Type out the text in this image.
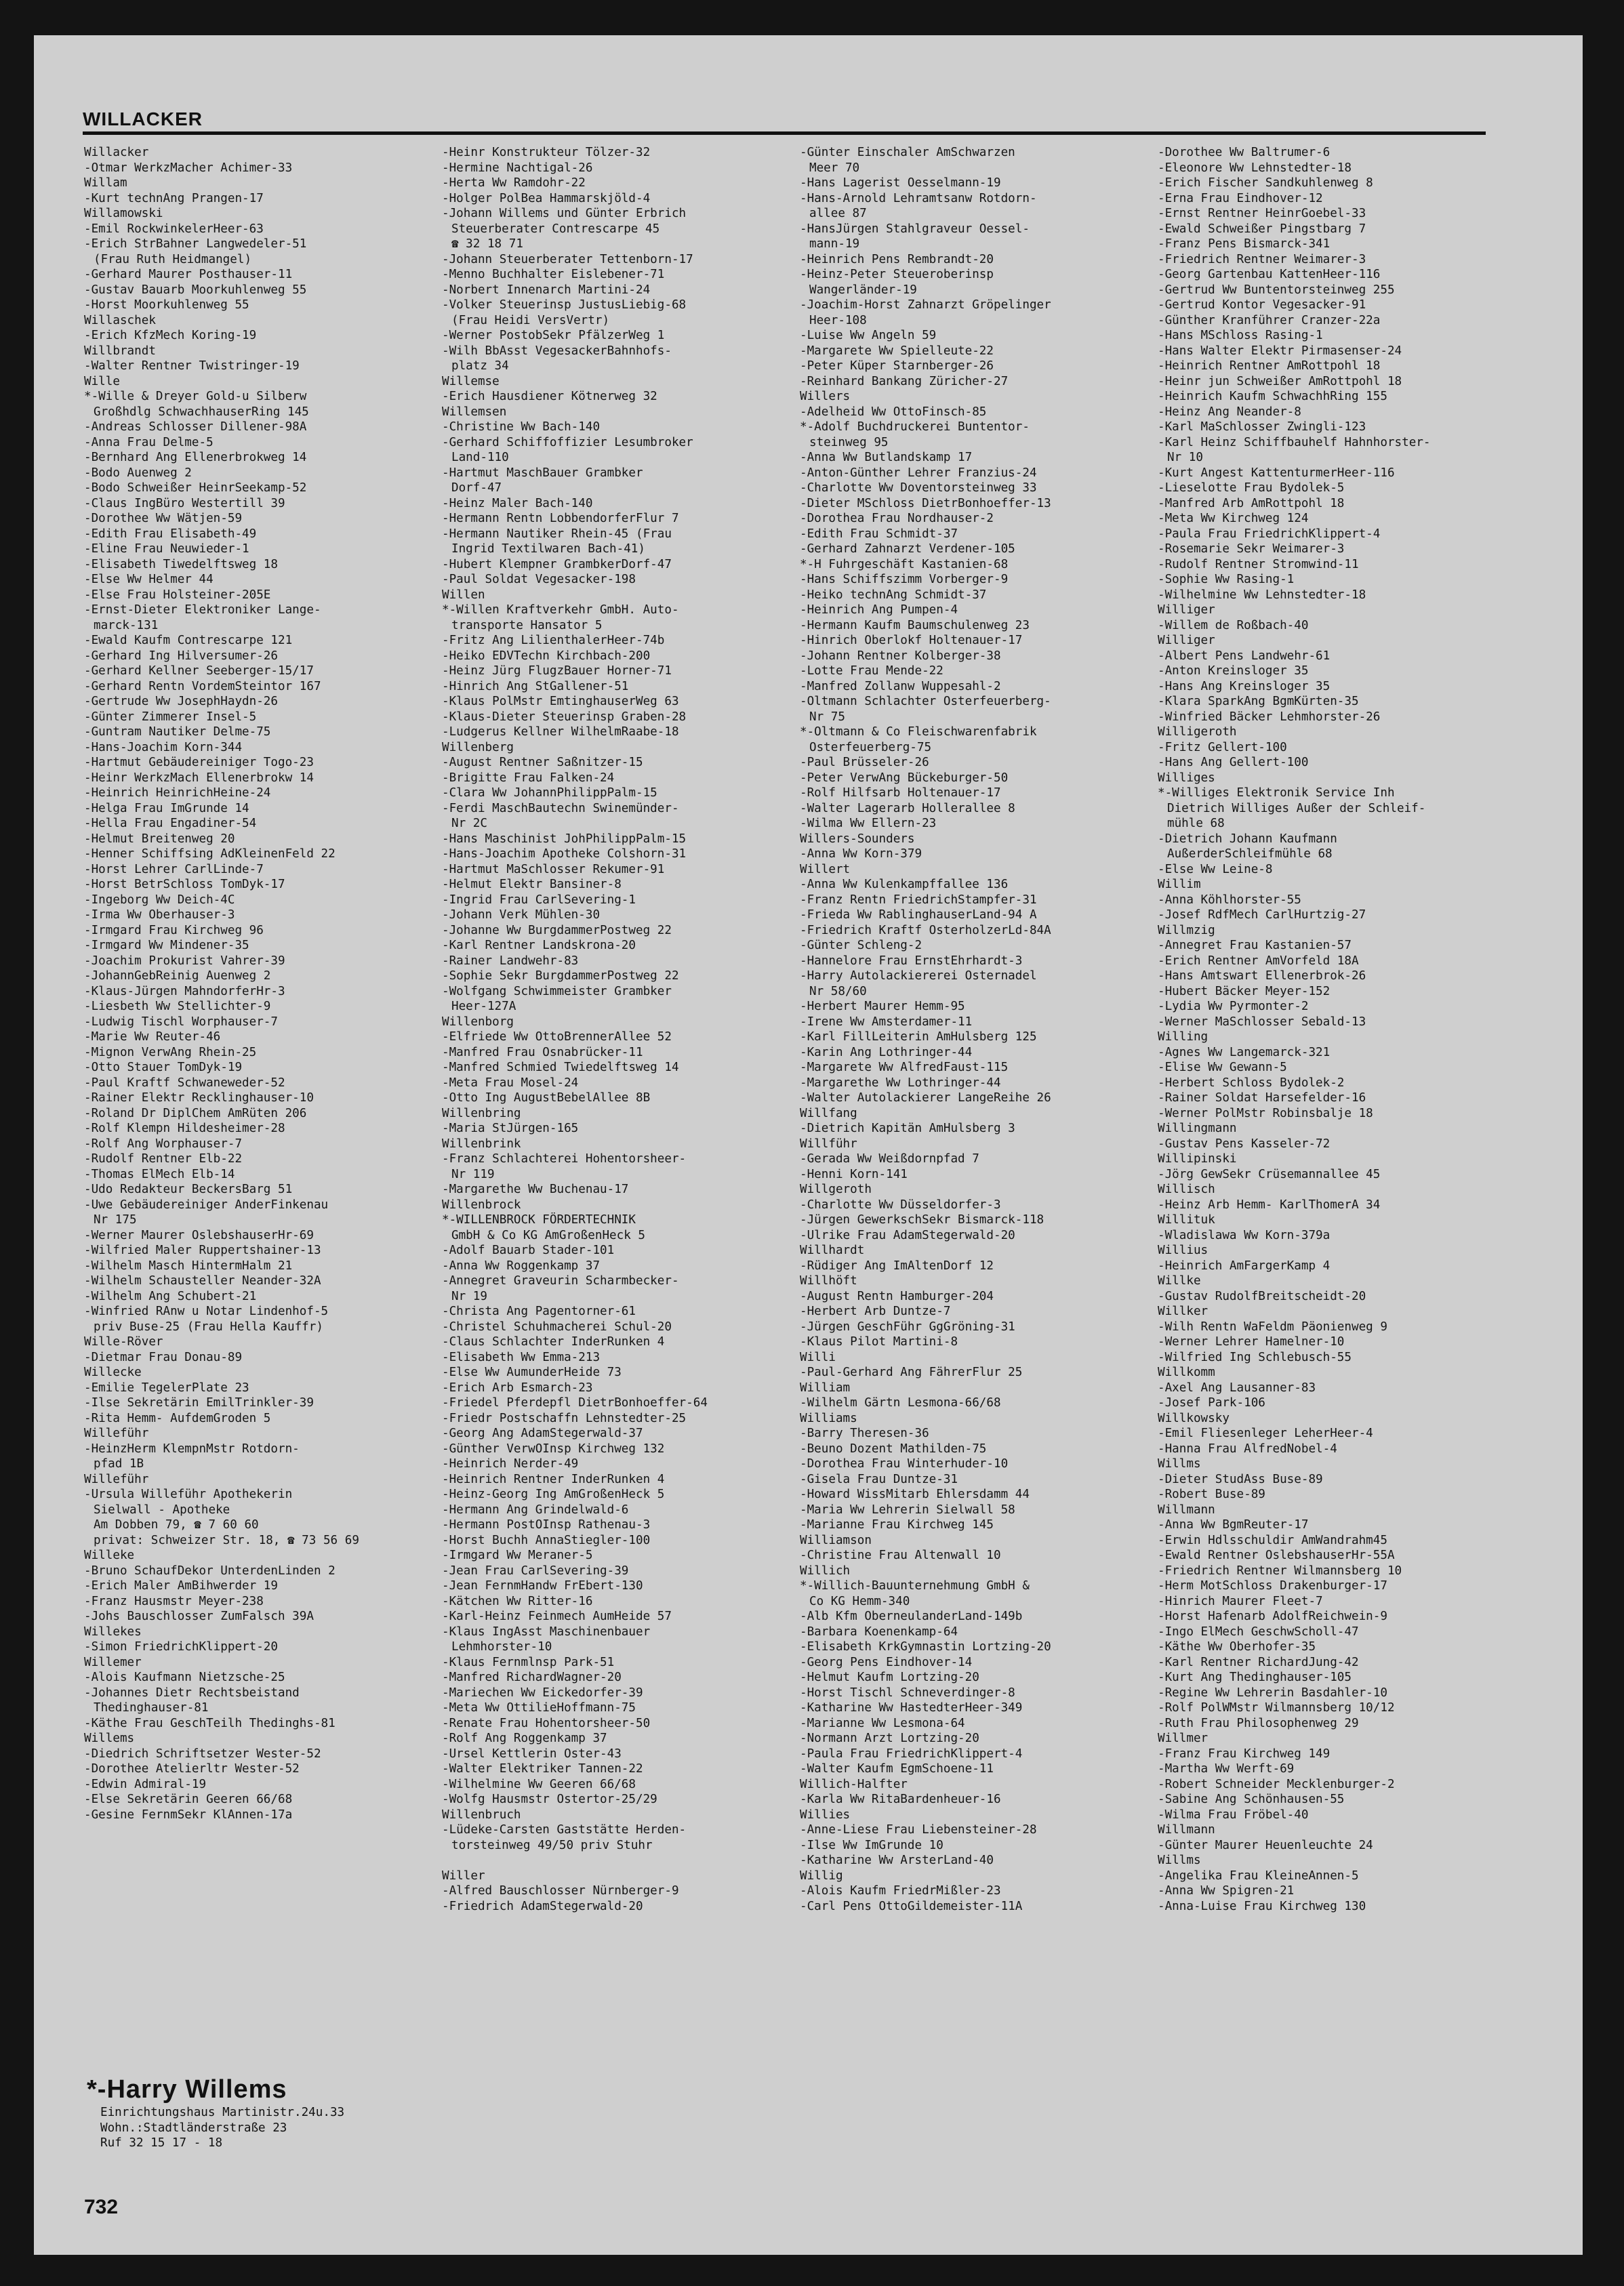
WILLACKER
Willacker
-Otmar WerkzMacher Achimer-33
Willam
-Kurt technAng Prangen-17
Willamowski
-Emil RockwinkelerHeer-63
-Erich StrBahner Langwedeler-51
(Frau Ruth Heidmangel)
-Gerhard Maurer Posthauser-11
-Gustav Bauarb Moorkuhlenweg 55
-Horst Moorkuhlenweg 55
Willaschek
-Erich KfzMech Koring-19
Willbrandt
-Walter Rentner Twistringer-19
Wille
*-Wille & Dreyer Gold-u Silberw
Großhdlg SchwachhauserRing 145
-Andreas Schlosser Dillener-98A
-Anna Frau Delme-5
-Bernhard Ang Ellenerbrokweg 14
-Bodo Auenweg 2
-Bodo Schweißer HeinrSeekamp-52
-Claus IngBüro Westertill 39
-Dorothee Ww Wätjen-59
-Edith Frau Elisabeth-49
-Eline Frau Neuwieder-1
-Elisabeth Tiwedelftsweg 18
-Else Ww Helmer 44
-Else Frau Holsteiner-205E
-Ernst-Dieter Elektroniker Lange-
marck-131
-Ewald Kaufm Contrescarpe 121
-Gerhard Ing Hilversumer-26
-Gerhard Kellner Seeberger-15/17
-Gerhard Rentn VordemSteintor 167
-Gertrude Ww JosephHaydn-26
-Günter Zimmerer Insel-5
-Guntram Nautiker Delme-75
-Hans-Joachim Korn-344
-Hartmut Gebäudereiniger Togo-23
-Heinr WerkzMach Ellenerbrokw 14
-Heinrich HeinrichHeine-24
-Helga Frau ImGrunde 14
-Hella Frau Engadiner-54
-Helmut Breitenweg 20
-Henner Schiffsing AdKleinenFeld 22
-Horst Lehrer CarlLinde-7
-Horst BetrSchloss TomDyk-17
-Ingeborg Ww Deich-4C
-Irma Ww Oberhauser-3
-Irmgard Frau Kirchweg 96
-Irmgard Ww Mindener-35
-Joachim Prokurist Vahrer-39
-JohannGebReinig Auenweg 2
-Klaus-Jürgen MahndorferHr-3
-Liesbeth Ww Stellichter-9
-Ludwig Tischl Worphauser-7
-Marie Ww Reuter-46
-Mignon VerwAng Rhein-25
-Otto Stauer TomDyk-19
-Paul Kraftf Schwaneweder-52
-Rainer Elektr Recklinghauser-10
-Roland Dr DiplChem AmRüten 206
-Rolf Klempn Hildesheimer-28
-Rolf Ang Worphauser-7
-Rudolf Rentner Elb-22
-Thomas ElMech Elb-14
-Udo Redakteur BeckersBarg 51
-Uwe Gebäudereiniger AnderFinkenau
Nr 175
-Werner Maurer OslebshauserHr-69
-Wilfried Maler Ruppertshainer-13
-Wilhelm Masch HintermHalm 21
-Wilhelm Schausteller Neander-32A
-Wilhelm Ang Schubert-21
-Winfried RAnw u Notar Lindenhof-5
priv Buse-25 (Frau Hella Kauffr)
Wille-Röver
-Dietmar Frau Donau-89
Willecke
-Emilie TegelerPlate 23
-Ilse Sekretärin EmilTrinkler-39
-Rita Hemm- AufdemGroden 5
Willeführ
-HeinzHerm KlempnMstr Rotdorn-
pfad 1B
Willeführ
-Ursula Willeführ Apothekerin
Sielwall - Apotheke
Am Dobben 79, ☎ 7 60 60
privat: Schweizer Str. 18, ☎ 73 56 69
Willeke
-Bruno SchaufDekor UnterdenLinden 2
-Erich Maler AmBihwerder 19
-Franz Hausmstr Meyer-238
-Johs Bauschlosser ZumFalsch 39A
Willekes
-Simon FriedrichKlippert-20
Willemer
-Alois Kaufmann Nietzsche-25
-Johannes Dietr Rechtsbeistand
Thedinghauser-81
-Käthe Frau GeschTeilh Thedinghs-81
Willems
-Diedrich Schriftsetzer Wester-52
-Dorothee Atelierltr Wester-52
-Edwin Admiral-19
-Else Sekretärin Geeren 66/68
-Gesine FernmSekr KlAnnen-17a
-Heinr Konstrukteur Tölzer-32
-Hermine Nachtigal-26
-Herta Ww Ramdohr-22
-Holger PolBea Hammarskjöld-4
-Johann Willems und Günter Erbrich
Steuerberater Contrescarpe 45
☎ 32 18 71
-Johann Steuerberater Tettenborn-17
-Menno Buchhalter Eislebener-71
-Norbert Innenarch Martini-24
-Volker Steuerinsp JustusLiebig-68
(Frau Heidi VersVertr)
-Werner PostobSekr PfälzerWeg 1
-Wilh BbAsst VegesackerBahnhofs-
platz 34
Willemse
-Erich Hausdiener Kötnerweg 32
Willemsen
-Christine Ww Bach-140
-Gerhard Schiffoffizier Lesumbroker
Land-110
-Hartmut MaschBauer Grambker
Dorf-47
-Heinz Maler Bach-140
-Hermann Rentn LobbendorferFlur 7
-Hermann Nautiker Rhein-45 (Frau
Ingrid Textilwaren Bach-41)
-Hubert Klempner GrambkerDorf-47
-Paul Soldat Vegesacker-198
Willen
*-Willen Kraftverkehr GmbH. Auto-
transporte Hansator 5
-Fritz Ang LilienthalerHeer-74b
-Heiko EDVTechn Kirchbach-200
-Heinz Jürg FlugzBauer Horner-71
-Hinrich Ang StGallener-51
-Klaus PolMstr EmtinghauserWeg 63
-Klaus-Dieter Steuerinsp Graben-28
-Ludgerus Kellner WilhelmRaabe-18
Willenberg
-August Rentner Saßnitzer-15
-Brigitte Frau Falken-24
-Clara Ww JohannPhilippPalm-15
-Ferdi MaschBautechn Swinemünder-
Nr 2C
-Hans Maschinist JohPhilippPalm-15
-Hans-Joachim Apotheke Colshorn-31
-Hartmut MaSchlosser Rekumer-91
-Helmut Elektr Bansiner-8
-Ingrid Frau CarlSevering-1
-Johann Verk Mühlen-30
-Johanne Ww BurgdammerPostweg 22
-Karl Rentner Landskrona-20
-Rainer Landwehr-83
-Sophie Sekr BurgdammerPostweg 22
-Wolfgang Schwimmeister Grambker
Heer-127A
Willenborg
-Elfriede Ww OttoBrennerAllee 52
-Manfred Frau Osnabrücker-11
-Manfred Schmied Twiedelftsweg 14
-Meta Frau Mosel-24
-Otto Ing AugustBebelAllee 8B
Willenbring
-Maria StJürgen-165
Willenbrink
-Franz Schlachterei Hohentorsheer-
Nr 119
-Margarethe Ww Buchenau-17
Willenbrock
*-WILLENBROCK FÖRDERTECHNIK
GmbH & Co KG AmGroßenHeck 5
-Adolf Bauarb Stader-101
-Anna Ww Roggenkamp 37
-Annegret Graveurin Scharmbecker-
Nr 19
-Christa Ang Pagentorner-61
-Christel Schuhmacherei Schul-20
-Claus Schlachter InderRunken 4
-Elisabeth Ww Emma-213
-Else Ww AumunderHeide 73
-Erich Arb Esmarch-23
-Friedel Pferdepfl DietrBonhoeffer-64
-Friedr Postschaffn Lehnstedter-25
-Georg Ang AdamStegerwald-37
-Günther VerwOInsp Kirchweg 132
-Heinrich Nerder-49
-Heinrich Rentner InderRunken 4
-Heinz-Georg Ing AmGroßenHeck 5
-Hermann Ang Grindelwald-6
-Hermann PostOInsp Rathenau-3
-Horst Buchh AnnaStiegler-100
-Irmgard Ww Meraner-5
-Jean Frau CarlSevering-39
-Jean FernmHandw FrEbert-130
-Kätchen Ww Ritter-16
-Karl-Heinz Feinmech AumHeide 57
-Klaus IngAsst Maschinenbauer
Lehmhorster-10
-Klaus Fernmlnsp Park-51
-Manfred RichardWagner-20
-Mariechen Ww Eickedorfer-39
-Meta Ww OttilieHoffmann-75
-Renate Frau Hohentorsheer-50
-Rolf Ang Roggenkamp 37
-Ursel Kettlerin Oster-43
-Walter Elektriker Tannen-22
-Wilhelmine Ww Geeren 66/68
-Wolfg Hausmstr Ostertor-25/29
Willenbruch
-Lüdeke-Carsten Gaststätte Herden-
torsteinweg 49/50 priv Stuhr

Willer
-Alfred Bauschlosser Nürnberger-9
-Friedrich AdamStegerwald-20
-Günter Einschaler AmSchwarzen
Meer 70
-Hans Lagerist Oesselmann-19
-Hans-Arnold Lehramtsanw Rotdorn-
allee 87
-HansJürgen Stahlgraveur Oessel-
mann-19
-Heinrich Pens Rembrandt-20
-Heinz-Peter Steueroberinsp
Wangerländer-19
-Joachim-Horst Zahnarzt Gröpelinger
Heer-108
-Luise Ww Angeln 59
-Margarete Ww Spielleute-22
-Peter Küper Starnberger-26
-Reinhard Bankang Züricher-27
Willers
-Adelheid Ww OttoFinsch-85
*-Adolf Buchdruckerei Buntentor-
steinweg 95
-Anna Ww Butlandskamp 17
-Anton-Günther Lehrer Franzius-24
-Charlotte Ww Doventorsteinweg 33
-Dieter MSchloss DietrBonhoeffer-13
-Dorothea Frau Nordhauser-2
-Edith Frau Schmidt-37
-Gerhard Zahnarzt Verdener-105
*-H Fuhrgeschäft Kastanien-68
-Hans Schiffszimm Vorberger-9
-Heiko technAng Schmidt-37
-Heinrich Ang Pumpen-4
-Hermann Kaufm Baumschulenweg 23
-Hinrich Oberlokf Holtenauer-17
-Johann Rentner Kolberger-38
-Lotte Frau Mende-22
-Manfred Zollanw Wuppesahl-2
-Oltmann Schlachter Osterfeuerberg-
Nr 75
*-Oltmann & Co Fleischwarenfabrik
Osterfeuerberg-75
-Paul Brüsseler-26
-Peter VerwAng Bückeburger-50
-Rolf Hilfsarb Holtenauer-17
-Walter Lagerarb Hollerallee 8
-Wilma Ww Ellern-23
Willers-Sounders
-Anna Ww Korn-379
Willert
-Anna Ww Kulenkampffallee 136
-Franz Rentn FriedrichStampfer-31
-Frieda Ww RablinghauserLand-94 A
-Friedrich Kraftf OsterholzerLd-84A
-Günter Schleng-2
-Hannelore Frau ErnstEhrhardt-3
-Harry Autolackiererei Osternadel
Nr 58/60
-Herbert Maurer Hemm-95
-Irene Ww Amsterdamer-11
-Karl FillLeiterin AmHulsberg 125
-Karin Ang Lothringer-44
-Margarete Ww AlfredFaust-115
-Margarethe Ww Lothringer-44
-Walter Autolackierer LangeReihe 26
Willfang
-Dietrich Kapitän AmHulsberg 3
Willführ
-Gerada Ww Weißdornpfad 7
-Henni Korn-141
Willgeroth
-Charlotte Ww Düsseldorfer-3
-Jürgen GewerkschSekr Bismarck-118
-Ulrike Frau AdamStegerwald-20
Willhardt
-Rüdiger Ang ImAltenDorf 12
Willhöft
-August Rentn Hamburger-204
-Herbert Arb Duntze-7
-Jürgen GeschFühr GgGröning-31
-Klaus Pilot Martini-8
Willi
-Paul-Gerhard Ang FährerFlur 25
William
-Wilhelm Gärtn Lesmona-66/68
Williams
-Barry Theresen-36
-Beuno Dozent Mathilden-75
-Dorothea Frau Winterhuder-10
-Gisela Frau Duntze-31
-Howard WissMitarb Ehlersdamm 44
-Maria Ww Lehrerin Sielwall 58
-Marianne Frau Kirchweg 145
Williamson
-Christine Frau Altenwall 10
Willich
*-Willich-Bauunternehmung GmbH &
Co KG Hemm-340
-Alb Kfm OberneulanderLand-149b
-Barbara Koenenkamp-64
-Elisabeth KrkGymnastin Lortzing-20
-Georg Pens Eindhover-14
-Helmut Kaufm Lortzing-20
-Horst Tischl Schneverdinger-8
-Katharine Ww HastedterHeer-349
-Marianne Ww Lesmona-64
-Normann Arzt Lortzing-20
-Paula Frau FriedrichKlippert-4
-Walter Kaufm EgmSchoene-11
Willich-Halfter
-Karla Ww RitaBardenheuer-16
Willies
-Anne-Liese Frau Liebensteiner-28
-Ilse Ww ImGrunde 10
-Katharine Ww ArsterLand-40
Willig
-Alois Kaufm FriedrMißler-23
-Carl Pens OttoGildemeister-11A
-Dorothee Ww Baltrumer-6
-Eleonore Ww Lehnstedter-18
-Erich Fischer Sandkuhlenweg 8
-Erna Frau Eindhover-12
-Ernst Rentner HeinrGoebel-33
-Ewald Schweißer Pingstbarg 7
-Franz Pens Bismarck-341
-Friedrich Rentner Weimarer-3
-Georg Gartenbau KattenHeer-116
-Gertrud Ww Buntentorsteinweg 255
-Gertrud Kontor Vegesacker-91
-Günther Kranführer Cranzer-22a
-Hans MSchloss Rasing-1
-Hans Walter Elektr Pirmasenser-24
-Heinrich Rentner AmRottpohl 18
-Heinr jun Schweißer AmRottpohl 18
-Heinrich Kaufm SchwachhRing 155
-Heinz Ang Neander-8
-Karl MaSchlosser Zwingli-123
-Karl Heinz Schiffbauhelf Hahnhorster-
Nr 10
-Kurt Angest KattenturmerHeer-116
-Lieselotte Frau Bydolek-5
-Manfred Arb AmRottpohl 18
-Meta Ww Kirchweg 124
-Paula Frau FriedrichKlippert-4
-Rosemarie Sekr Weimarer-3
-Rudolf Rentner Stromwind-11
-Sophie Ww Rasing-1
-Wilhelmine Ww Lehnstedter-18
Williger
-Willem de Roßbach-40
Williger
-Albert Pens Landwehr-61
-Anton Kreinsloger 35
-Hans Ang Kreinsloger 35
-Klara SparkAng BgmKürten-35
-Winfried Bäcker Lehmhorster-26
Willigeroth
-Fritz Gellert-100
-Hans Ang Gellert-100
Williges
*-Williges Elektronik Service Inh
Dietrich Williges Außer der Schleif-
mühle 68
-Dietrich Johann Kaufmann
AußerderSchleifmühle 68
-Else Ww Leine-8
Willim
-Anna Köhlhorster-55
-Josef RdfMech CarlHurtzig-27
Willmzig
-Annegret Frau Kastanien-57
-Erich Rentner AmVorfeld 18A
-Hans Amtswart Ellenerbrok-26
-Hubert Bäcker Meyer-152
-Lydia Ww Pyrmonter-2
-Werner MaSchlosser Sebald-13
Willing
-Agnes Ww Langemarck-321
-Elise Ww Gewann-5
-Herbert Schloss Bydolek-2
-Rainer Soldat Harsefelder-16
-Werner PolMstr Robinsbalje 18
Willingmann
-Gustav Pens Kasseler-72
Willipinski
-Jörg GewSekr Crüsemannallee 45
Willisch
-Heinz Arb Hemm- KarlThomerA 34
Willituk
-Wladislawa Ww Korn-379a
Willius
-Heinrich AmFargerKamp 4
Willke
-Gustav RudolfBreitscheidt-20
Willker
-Wilh Rentn WaFeldm Päonienweg 9
-Werner Lehrer Hamelner-10
-Wilfried Ing Schlebusch-55
Willkomm
-Axel Ang Lausanner-83
-Josef Park-106
Willkowsky
-Emil Fliesenleger LeherHeer-4
-Hanna Frau AlfredNobel-4
Willms
-Dieter StudAss Buse-89
-Robert Buse-89
Willmann
-Anna Ww BgmReuter-17
-Erwin Hdlsschuldir AmWandrahm45
-Ewald Rentner OslebshauserHr-55A
-Friedrich Rentner Wilmannsberg 10
-Herm MotSchloss Drakenburger-17
-Hinrich Maurer Fleet-7
-Horst Hafenarb AdolfReichwein-9
-Ingo ElMech GeschwScholl-47
-Käthe Ww Oberhofer-35
-Karl Rentner RichardJung-42
-Kurt Ang Thedinghauser-105
-Regine Ww Lehrerin Basdahler-10
-Rolf PolWMstr Wilmannsberg 10/12
-Ruth Frau Philosophenweg 29
Willmer
-Franz Frau Kirchweg 149
-Martha Ww Werft-69
-Robert Schneider Mecklenburger-2
-Sabine Ang Schönhausen-55
-Wilma Frau Fröbel-40
Willmann
-Günter Maurer Heuenleuchte 24
Willms
-Angelika Frau KleineAnnen-5
-Anna Ww Spigren-21
-Anna-Luise Frau Kirchweg 130
*-Harry Willems
Einrichtungshaus Martinistr.24u.33
Wohn.:Stadtländerstraße 23
Ruf 32 15 17 - 18
732
